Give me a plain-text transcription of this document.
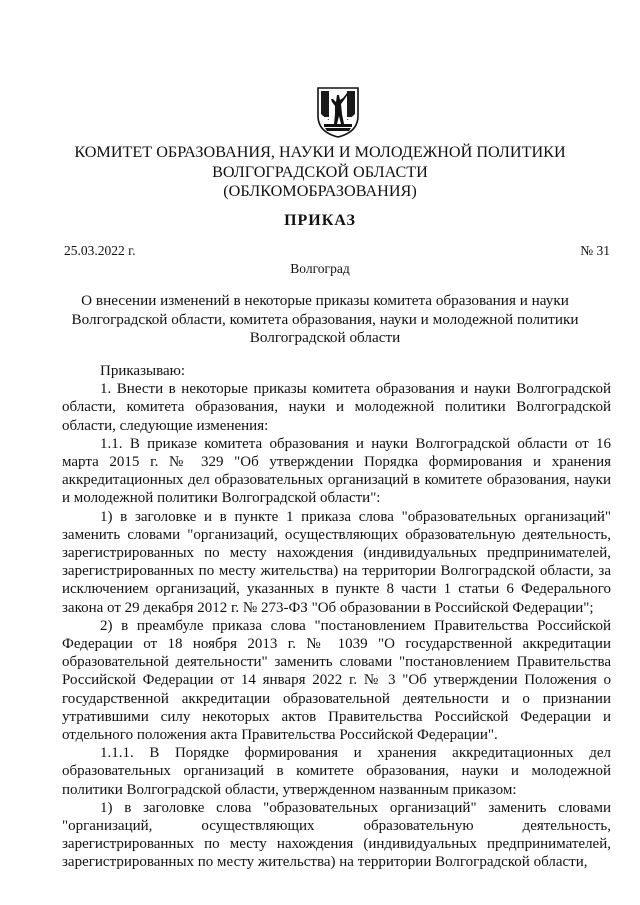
КОМИТЕТ ОБРАЗОВАНИЯ, НАУКИ И МОЛОДЕЖНОЙ ПОЛИТИКИ
ВОЛГОГРАДСКОЙ ОБЛАСТИ
(ОБЛКОМОБРАЗОВАНИЯ)
ПРИКАЗ
25.03.2022 г.	№ 31
Волгоград
О внесении изменений в некоторые приказы комитета образования и науки
Волгоградской области, комитета образования, науки и молодежной политики
Волгоградской области

Приказываю:

1. Внести в некоторые приказы комитета образования и науки Волгоградской области, комитета образования, науки и молодежной политики Волгоградской области, следующие изменения:

1.1. В приказе комитета образования и науки Волгоградской области от 16 марта 2015 г. № 329 "Об утверждении Порядка формирования и хранения аккредитационных дел образовательных организаций в комитете образования, науки и молодежной политики Волгоградской области":

1) в заголовке и в пункте 1 приказа слова "образовательных организаций" заменить словами "организаций, осуществляющих образовательную деятельность, зарегистрированных по месту нахождения (индивидуальных предпринимателей, зарегистрированных по месту жительства) на территории Волгоградской области, за исключением организаций, указанных в пункте 8 части 1 статьи 6 Федерального закона от 29 декабря 2012 г. № 273-ФЗ "Об образовании в Российской Федерации";

2) в преамбуле приказа слова "постановлением Правительства Российской Федерации от 18 ноября 2013 г. № 1039 "О государственной аккредитации образовательной деятельности" заменить словами "постановлением Правительства Российской Федерации от 14 января 2022 г. № 3 "Об утверждении Положения о государственной аккредитации образовательной деятельности и о признании утратившими силу некоторых актов Правительства Российской Федерации и отдельного положения акта Правительства Российской Федерации".

1.1.1. В Порядке формирования и хранения аккредитационных дел образовательных организаций в комитете образования, науки и молодежной политики Волгоградской области, утвержденном названным приказом:

1) в заголовке слова "образовательных организаций" заменить словами "организаций, осуществляющих образовательную деятельность, зарегистрированных по месту нахождения (индивидуальных предпринимателей, зарегистрированных по месту жительства) на территории Волгоградской области,
